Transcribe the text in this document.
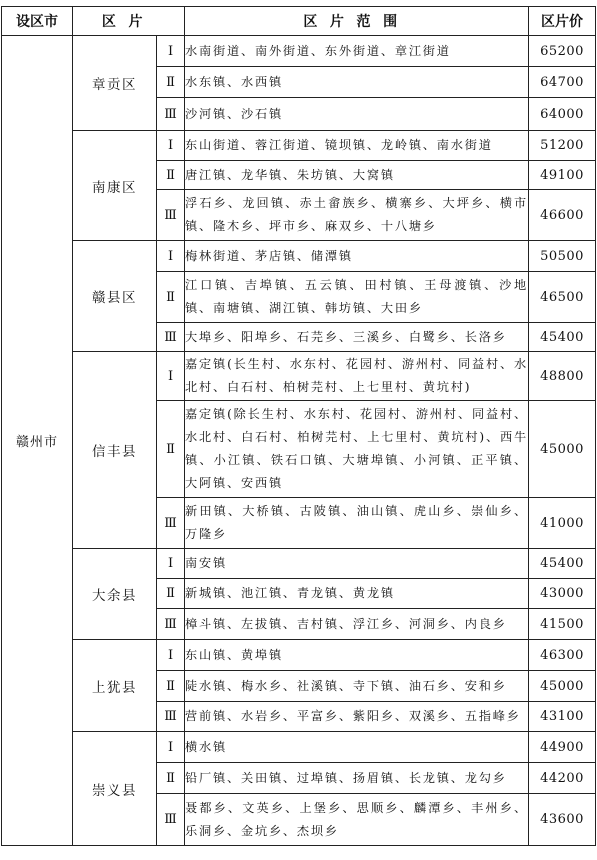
设区市	区片		区片范围	区片价
赣州市	章贡区	Ⅰ	水南街道、南外街道、东外街道、章江街道	65200
		Ⅱ	水东镇、水西镇	64700
		Ⅲ	沙河镇、沙石镇	64000
	南康区	Ⅰ	东山街道、蓉江街道、镜坝镇、龙岭镇、南水街道	51200
		Ⅱ	唐江镇、龙华镇、朱坊镇、大窝镇	49100
		Ⅲ	浮石乡、龙回镇、赤土畲族乡、横寨乡、大坪乡、横市镇、隆木乡、坪市乡、麻双乡、十八塘乡	46600
	赣县区	Ⅰ	梅林街道、茅店镇、储潭镇	50500
		Ⅱ	江口镇、吉埠镇、五云镇、田村镇、王母渡镇、沙地镇、南塘镇、湖江镇、韩坊镇、大田乡	46500
		Ⅲ	大埠乡、阳埠乡、石芫乡、三溪乡、白鹭乡、长洛乡	45400
	信丰县	Ⅰ	嘉定镇(长生村、水东村、花园村、游州村、同益村、水北村、白石村、柏树芫村、上七里村、黄坑村)	48800
		Ⅱ	嘉定镇(除长生村、水东村、花园村、游州村、同益村、水北村、白石村、柏树芫村、上七里村、黄坑村)、西牛镇、小江镇、铁石口镇、大塘埠镇、小河镇、正平镇、大阿镇、安西镇	45000
		Ⅲ	新田镇、大桥镇、古陂镇、油山镇、虎山乡、崇仙乡、万隆乡	41000
	大余县	Ⅰ	南安镇	45400
		Ⅱ	新城镇、池江镇、青龙镇、黄龙镇	43000
		Ⅲ	樟斗镇、左拔镇、吉村镇、浮江乡、河洞乡、内良乡	41500
	上犹县	Ⅰ	东山镇、黄埠镇	46300
		Ⅱ	陡水镇、梅水乡、社溪镇、寺下镇、油石乡、安和乡	45000
		Ⅲ	营前镇、水岩乡、平富乡、紫阳乡、双溪乡、五指峰乡	43100
	崇义县	Ⅰ	横水镇	44900
		Ⅱ	铅厂镇、关田镇、过埠镇、扬眉镇、长龙镇、龙勾乡	44200
		Ⅲ	聂都乡、文英乡、上堡乡、思顺乡、麟潭乡、丰州乡、乐洞乡、金坑乡、杰坝乡	43600
